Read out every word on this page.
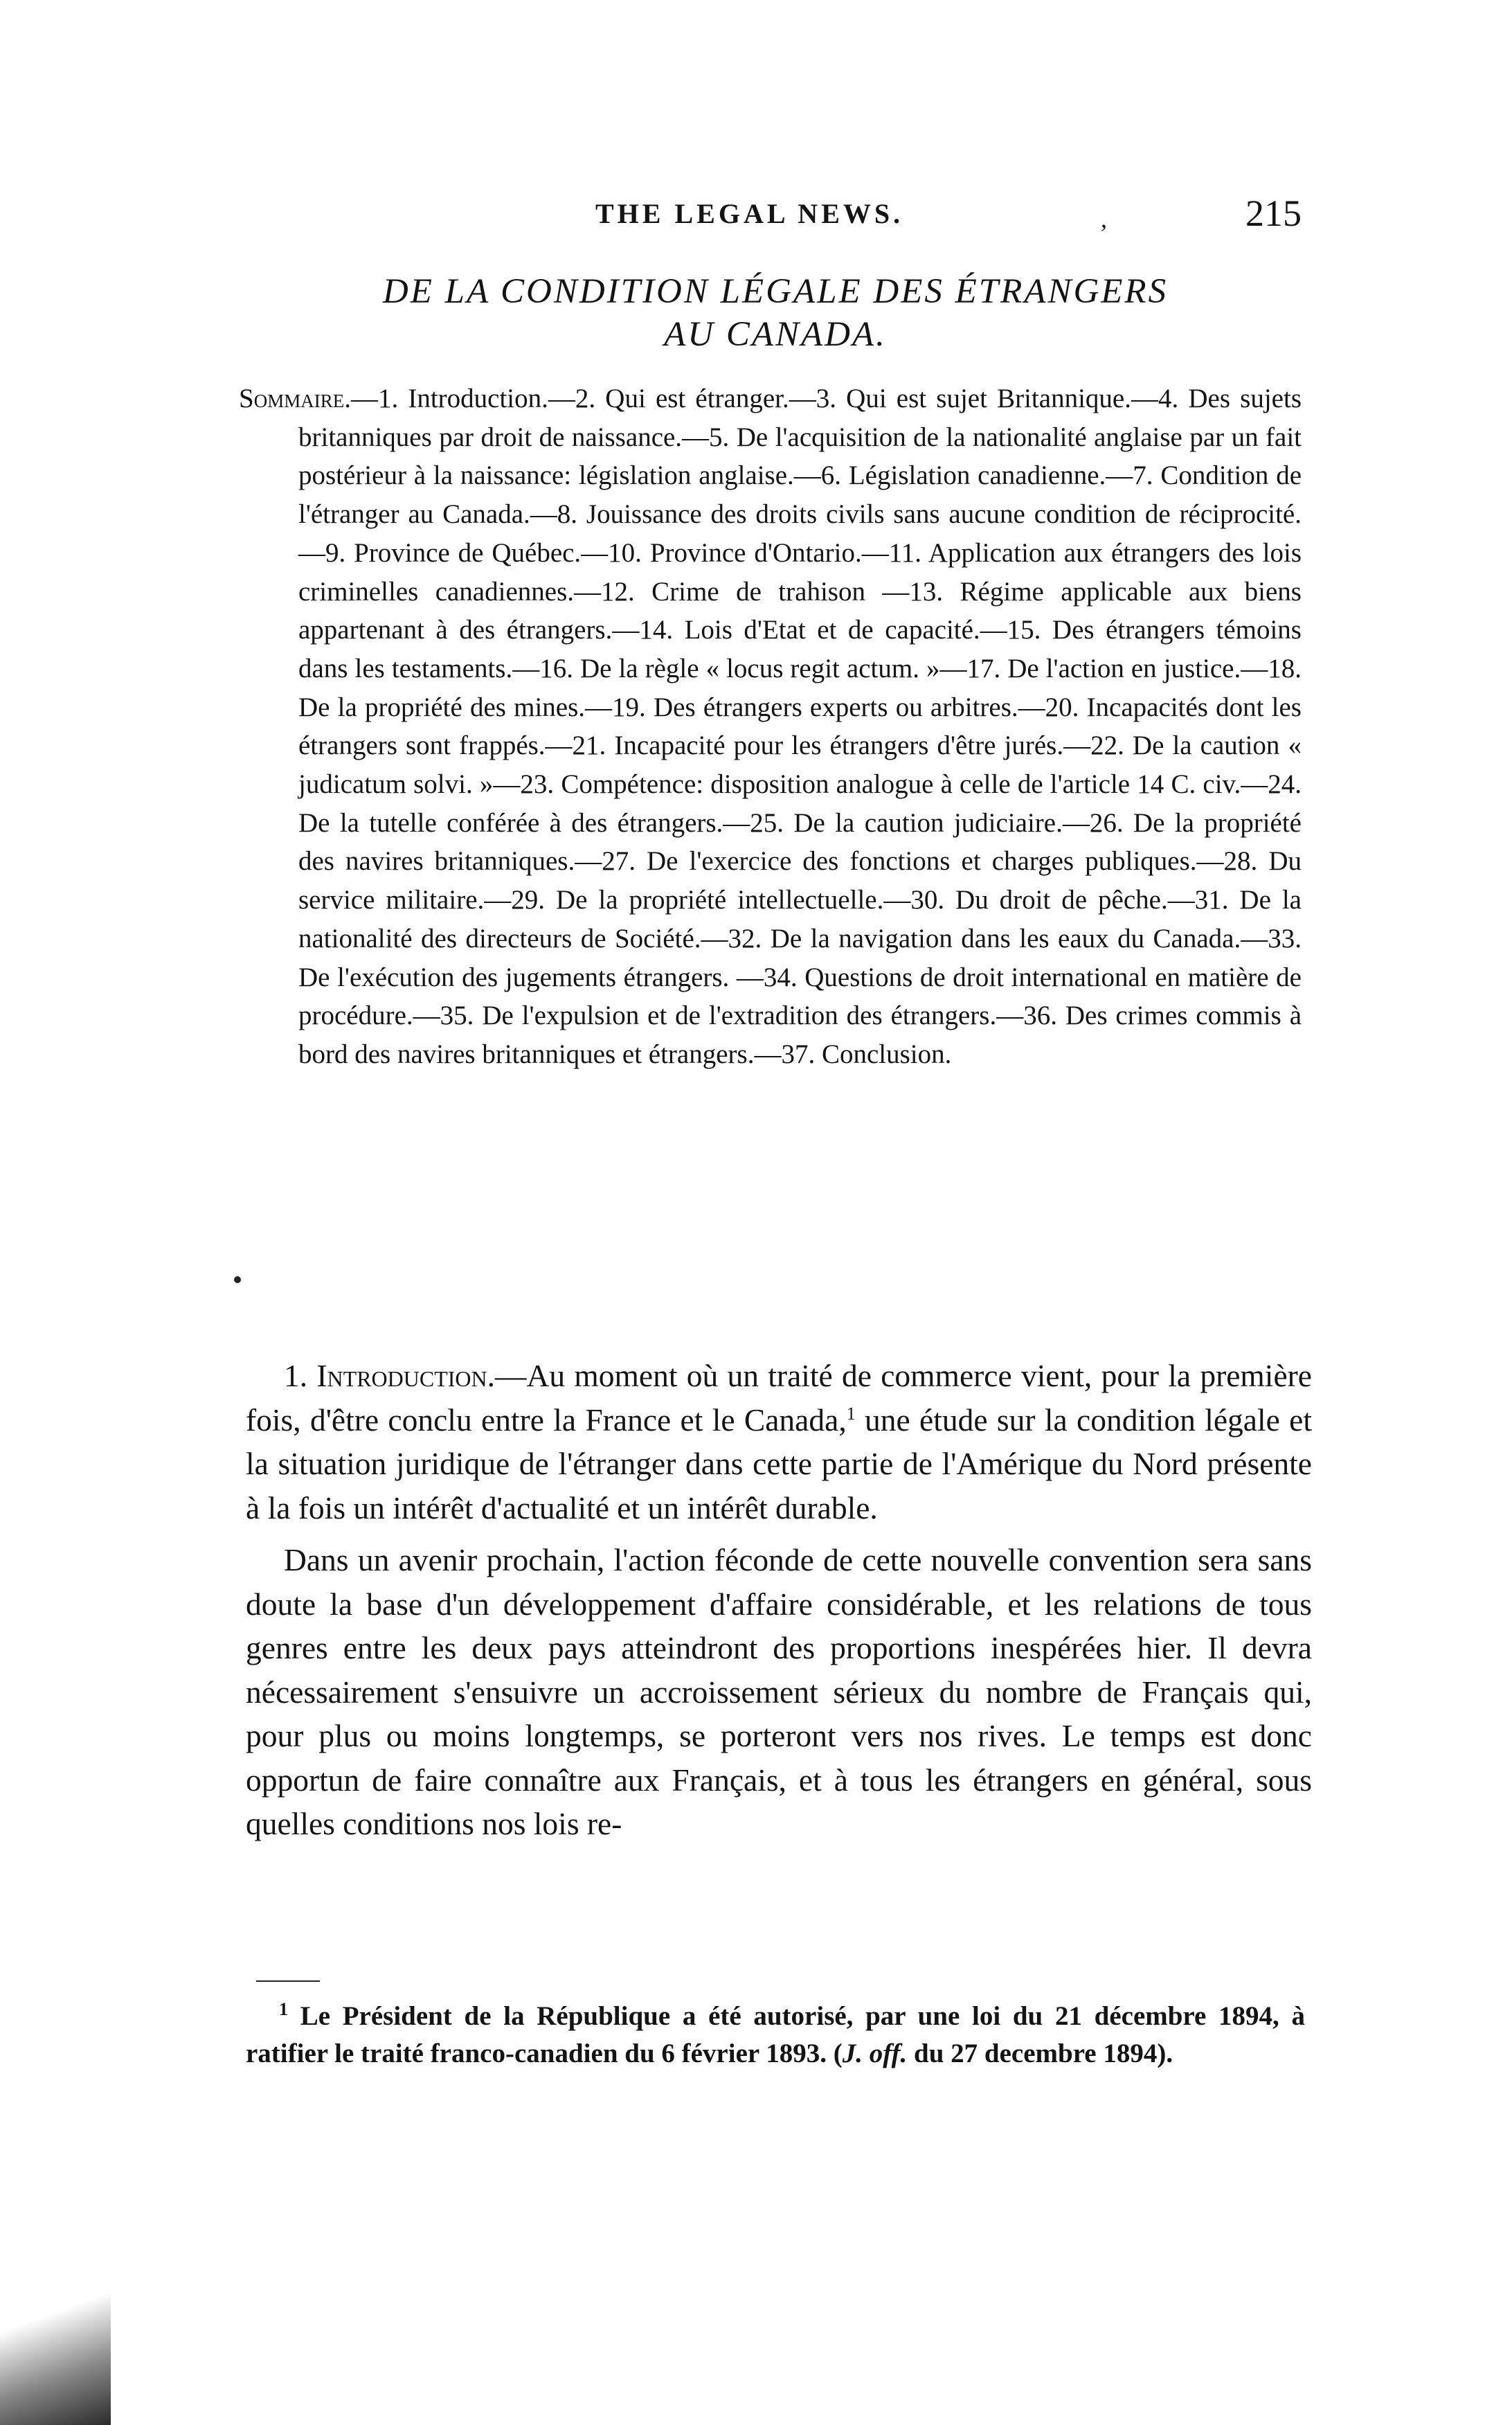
THE LEGAL NEWS.	,	215
DE LA CONDITION LÉGALE DES ÉTRANGERS
AU CANADA.

Sommaire.—1. Introduction.—2. Qui est étranger.—3. Qui est sujet Britannique.—4. Des sujets britanniques par droit de naissance.—5. De l'acquisition de la nationalité anglaise par un fait postérieur à la naissance: législation anglaise.—6. Législation canadienne.—7. Condition de l'étranger au Canada.—8. Jouissance des droits civils sans aucune condition de réciprocité.—9. Province de Québec.—10. Province d'Ontario.—11. Application aux étrangers des lois criminelles canadiennes.—12. Crime de trahison —13. Régime applicable aux biens appartenant à des étrangers.—14. Lois d'Etat et de capacité.—15. Des étrangers témoins dans les testaments.—16. De la règle « locus regit actum. »—17. De l'action en justice.—18. De la propriété des mines.—19. Des étrangers experts ou arbitres.—20. Incapacités dont les étrangers sont frappés.—21. Incapacité pour les étrangers d'être jurés.—22. De la caution « judicatum solvi. »—23. Compétence: disposition analogue à celle de l'article 14 C. civ.—24. De la tutelle conférée à des étrangers.—25. De la caution judiciaire.—26. De la propriété des navires britanniques.—27. De l'exercice des fonctions et charges publiques.—28. Du service militaire.—29. De la propriété intellectuelle.—30. Du droit de pêche.—31. De la nationalité des directeurs de Société.—32. De la navigation dans les eaux du Canada.—33. De l'exécution des jugements étrangers. —34. Questions de droit international en matière de procédure.—35. De l'expulsion et de l'extradition des étrangers.—36. Des crimes commis à bord des navires britanniques et étrangers.—37. Conclusion.

1. Introduction.—Au moment où un traité de commerce vient, pour la première fois, d'être conclu entre la France et le Canada,$^1$ une étude sur la condition légale et la situation juridique de l'étranger dans cette partie de l'Amérique du Nord présente à la fois un intérêt d'actualité et un intérêt durable.

Dans un avenir prochain, l'action féconde de cette nouvelle convention sera sans doute la base d'un développement d'affaire considérable, et les relations de tous genres entre les deux pays atteindront des proportions inespérées hier. Il devra nécessairement s'ensuivre un accroissement sérieux du nombre de Français qui, pour plus ou moins longtemps, se porteront vers nos rives. Le temps est donc opportun de faire connaître aux Français, et à tous les étrangers en général, sous quelles conditions nos lois re-

$^1$ Le Président de la République a été autorisé, par une loi du 21 décembre 1894, à ratifier le traité franco-canadien du 6 février 1893. (J. off. du 27 decembre 1894).
